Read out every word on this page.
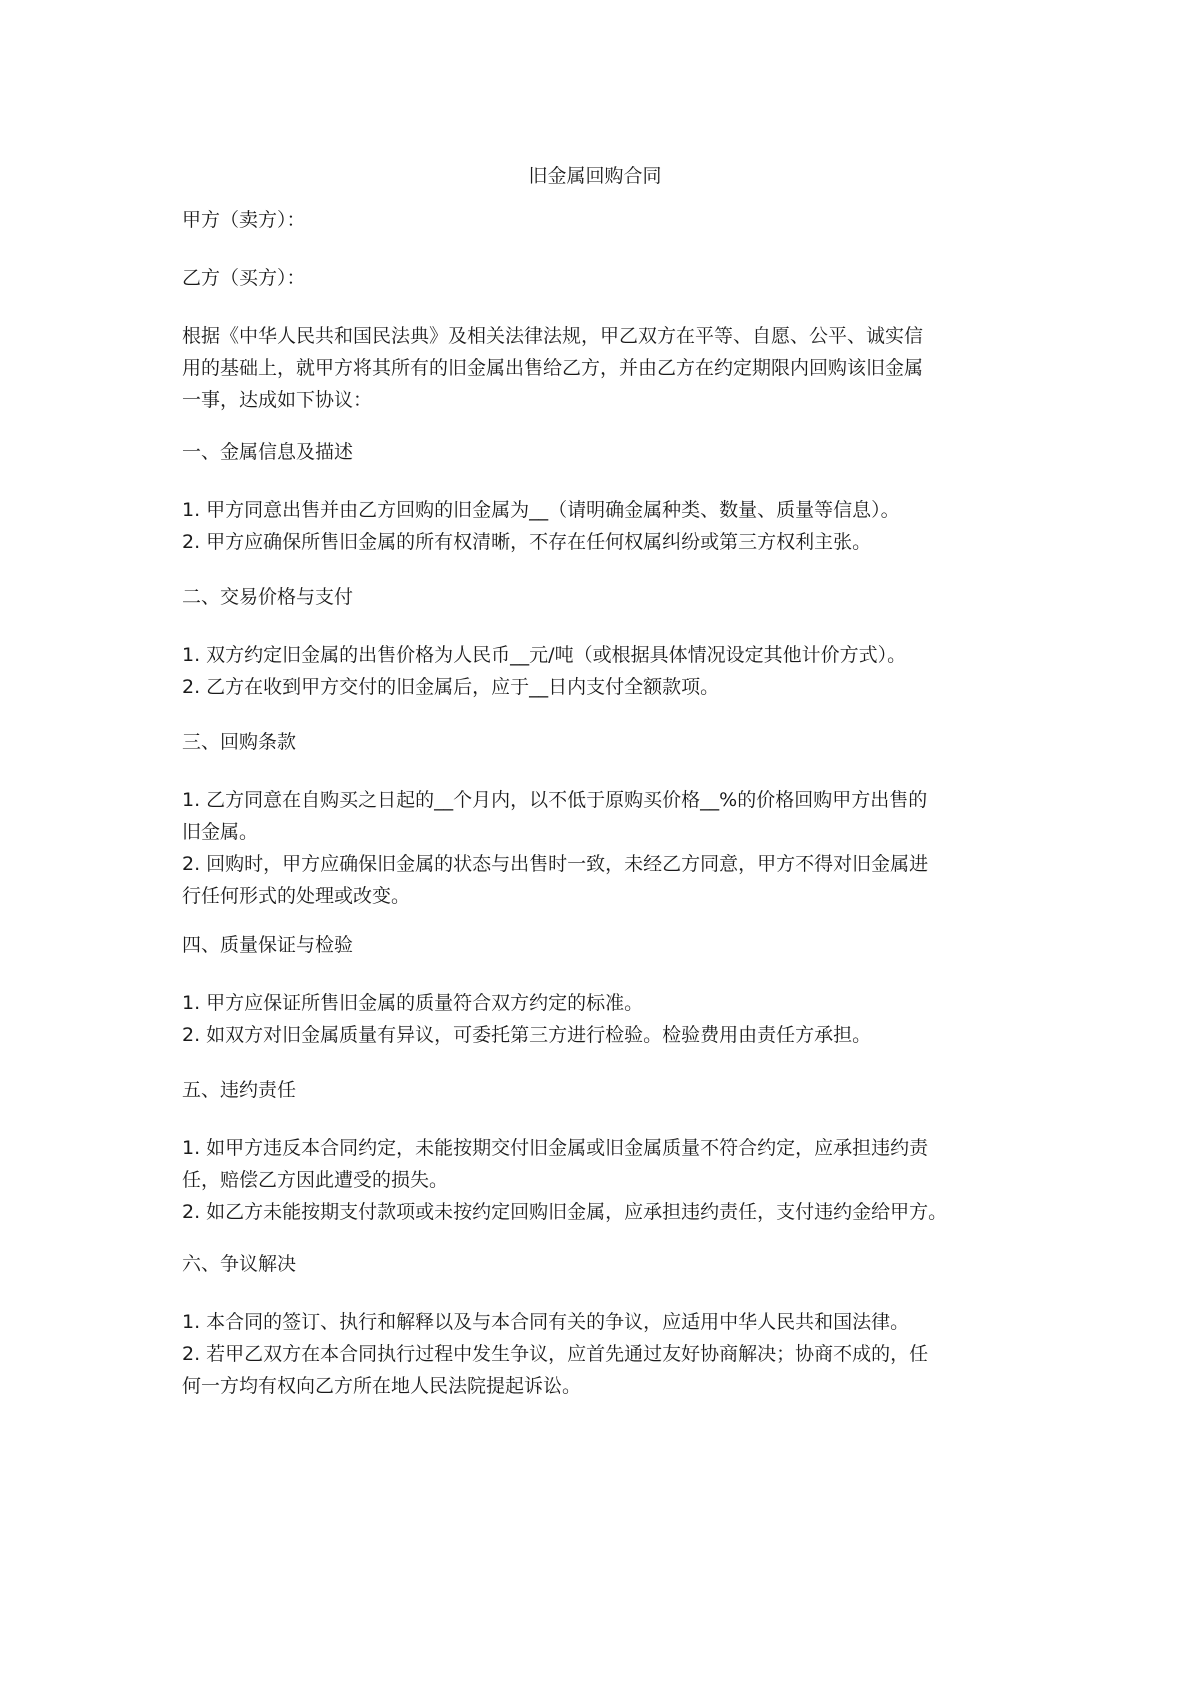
旧金属回购合同

甲方（卖方）：

乙方（买方）：

根据《中华人民共和国民法典》及相关法律法规，甲乙双方在平等、自愿、公平、诚实信
用的基础上，就甲方将其所有的旧金属出售给乙方，并由乙方在约定期限内回购该旧金属
一事，达成如下协议：

一、金属信息及描述

1. 甲方同意出售并由乙方回购的旧金属为__（请明确金属种类、数量、质量等信息）。
2. 甲方应确保所售旧金属的所有权清晰，不存在任何权属纠纷或第三方权利主张。

二、交易价格与支付

1. 双方约定旧金属的出售价格为人民币__元/吨（或根据具体情况设定其他计价方式）。
2. 乙方在收到甲方交付的旧金属后，应于__日内支付全额款项。

三、回购条款

1. 乙方同意在自购买之日起的__个月内，以不低于原购买价格__%的价格回购甲方出售的
旧金属。
2. 回购时，甲方应确保旧金属的状态与出售时一致，未经乙方同意，甲方不得对旧金属进
行任何形式的处理或改变。

四、质量保证与检验

1. 甲方应保证所售旧金属的质量符合双方约定的标准。
2. 如双方对旧金属质量有异议，可委托第三方进行检验。检验费用由责任方承担。

五、违约责任

1. 如甲方违反本合同约定，未能按期交付旧金属或旧金属质量不符合约定，应承担违约责
任，赔偿乙方因此遭受的损失。
2. 如乙方未能按期支付款项或未按约定回购旧金属，应承担违约责任，支付违约金给甲方。

六、争议解决

1. 本合同的签订、执行和解释以及与本合同有关的争议，应适用中华人民共和国法律。
2. 若甲乙双方在本合同执行过程中发生争议，应首先通过友好协商解决；协商不成的，任
何一方均有权向乙方所在地人民法院提起诉讼。
